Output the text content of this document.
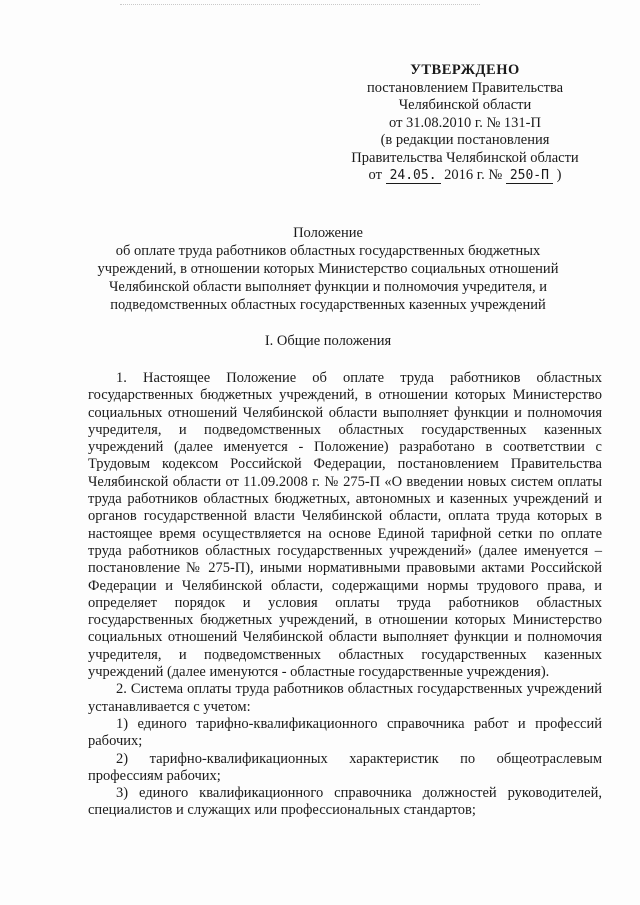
УТВЕРЖДЕНО
постановлением Правительства
Челябинской области
от 31.08.2010 г. № 131-П
(в редакции постановления
Правительства Челябинской области
от 24.05. 2016 г. № 250-П )
Положение
об оплате труда работников областных государственных бюджетных учреждений, в отношении которых Министерство социальных отношений Челябинской области выполняет функции и полномочия учредителя, и подведомственных областных государственных казенных учреждений
I. Общие положения

1. Настоящее Положение об оплате труда работников областных государственных бюджетных учреждений, в отношении которых Министерство социальных отношений Челябинской области выполняет функции и полномочия учредителя, и подведомственных областных государственных казенных учреждений (далее именуется - Положение) разработано в соответствии с Трудовым кодексом Российской Федерации, постановлением Правительства Челябинской области от 11.09.2008 г. № 275-П «О введении новых систем оплаты труда работников областных бюджетных, автономных и казенных учреждений и органов государственной власти Челябинской области, оплата труда которых в настоящее время осуществляется на основе Единой тарифной сетки по оплате труда работников областных государственных учреждений» (далее именуется – постановление № 275-П), иными нормативными правовыми актами Российской Федерации и Челябинской области, содержащими нормы трудового права, и определяет порядок и условия оплаты труда работников областных государственных бюджетных учреждений, в отношении которых Министерство социальных отношений Челябинской области выполняет функции и полномочия учредителя, и подведомственных областных государственных казенных учреждений (далее именуются - областные государственные учреждения).

2. Система оплаты труда работников областных государственных учреждений устанавливается с учетом:

1) единого тарифно-квалификационного справочника работ и профессий рабочих;

2) тарифно-квалификационных характеристик по общеотраслевым профессиям рабочих;

3) единого квалификационного справочника должностей руководителей, специалистов и служащих или профессиональных стандартов;
